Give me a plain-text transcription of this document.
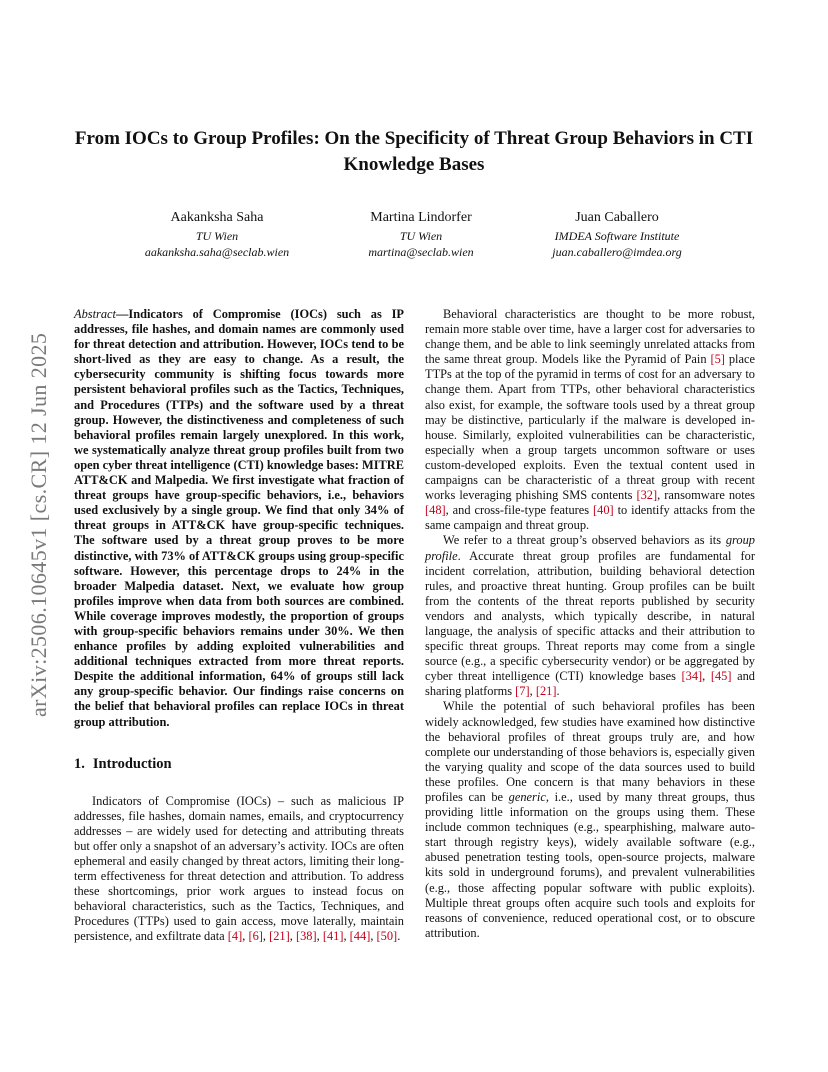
arXiv:2506.10645v1 [cs.CR] 12 Jun 2025
From IOCs to Group Profiles: On the Specificity of Threat Group Behaviors in CTI Knowledge Bases
Aakanksha Saha
TU Wien
aakanksha.saha@seclab.wien
Martina Lindorfer
TU Wien
martina@seclab.wien
Juan Caballero
IMDEA Software Institute
juan.caballero@imdea.org

Abstract—Indicators of Compromise (IOCs) such as IP addresses, file hashes, and domain names are commonly used for threat detection and attribution. However, IOCs tend to be short-lived as they are easy to change. As a result, the cybersecurity community is shifting focus towards more persistent behavioral profiles such as the Tactics, Techniques, and Procedures (TTPs) and the software used by a threat group. However, the distinctiveness and completeness of such behavioral profiles remain largely unexplored. In this work, we systematically analyze threat group profiles built from two open cyber threat intelligence (CTI) knowledge bases: MITRE ATT&CK and Malpedia. We first investigate what fraction of threat groups have group-specific behaviors, i.e., behaviors used exclusively by a single group. We find that only 34% of threat groups in ATT&CK have group-specific techniques. The software used by a threat group proves to be more distinctive, with 73% of ATT&CK groups using group-specific software. However, this percentage drops to 24% in the broader Malpedia dataset. Next, we evaluate how group profiles improve when data from both sources are combined. While coverage improves modestly, the proportion of groups with group-specific behaviors remains under 30%. We then enhance profiles by adding exploited vulnerabilities and additional techniques extracted from more threat reports. Despite the additional information, 64% of groups still lack any group-specific behavior. Our findings raise concerns on the belief that behavioral profiles can replace IOCs in threat group attribution.

1. Introduction

Indicators of Compromise (IOCs) – such as malicious IP addresses, file hashes, domain names, emails, and cryptocurrency addresses – are widely used for detecting and attributing threats but offer only a snapshot of an adversary’s activity. IOCs are often ephemeral and easily changed by threat actors, limiting their long-term effectiveness for threat detection and attribution. To address these shortcomings, prior work argues to instead focus on behavioral characteristics, such as the Tactics, Techniques, and Procedures (TTPs) used to gain access, move laterally, maintain persistence, and exfiltrate data [4], [6], [21], [38], [41], [44], [50].

Behavioral characteristics are thought to be more robust, remain more stable over time, have a larger cost for adversaries to change them, and be able to link seemingly unrelated attacks from the same threat group. Models like the Pyramid of Pain [5] place TTPs at the top of the pyramid in terms of cost for an adversary to change them. Apart from TTPs, other behavioral characteristics also exist, for example, the software tools used by a threat group may be distinctive, particularly if the malware is developed in-house. Similarly, exploited vulnerabilities can be characteristic, especially when a group targets uncommon software or uses custom-developed exploits. Even the textual content used in campaigns can be characteristic of a threat group with recent works leveraging phishing SMS contents [32], ransomware notes [48], and cross-file-type features [40] to identify attacks from the same campaign and threat group.

We refer to a threat group’s observed behaviors as its group profile. Accurate threat group profiles are fundamental for incident correlation, attribution, building behavioral detection rules, and proactive threat hunting. Group profiles can be built from the contents of the threat reports published by security vendors and analysts, which typically describe, in natural language, the analysis of specific attacks and their attribution to specific threat groups. Threat reports may come from a single source (e.g., a specific cybersecurity vendor) or be aggregated by cyber threat intelligence (CTI) knowledge bases [34], [45] and sharing platforms [7], [21].

While the potential of such behavioral profiles has been widely acknowledged, few studies have examined how distinctive the behavioral profiles of threat groups truly are, and how complete our understanding of those behaviors is, especially given the varying quality and scope of the data sources used to build these profiles. One concern is that many behaviors in these profiles can be generic, i.e., used by many threat groups, thus providing little information on the groups using them. These include common techniques (e.g., spearphishing, malware auto-start through registry keys), widely available software (e.g., abused penetration testing tools, open-source projects, malware kits sold in underground forums), and prevalent vulnerabilities (e.g., those affecting popular software with public exploits). Multiple threat groups often acquire such tools and exploits for reasons of convenience, reduced operational cost, or to obscure attribution.
